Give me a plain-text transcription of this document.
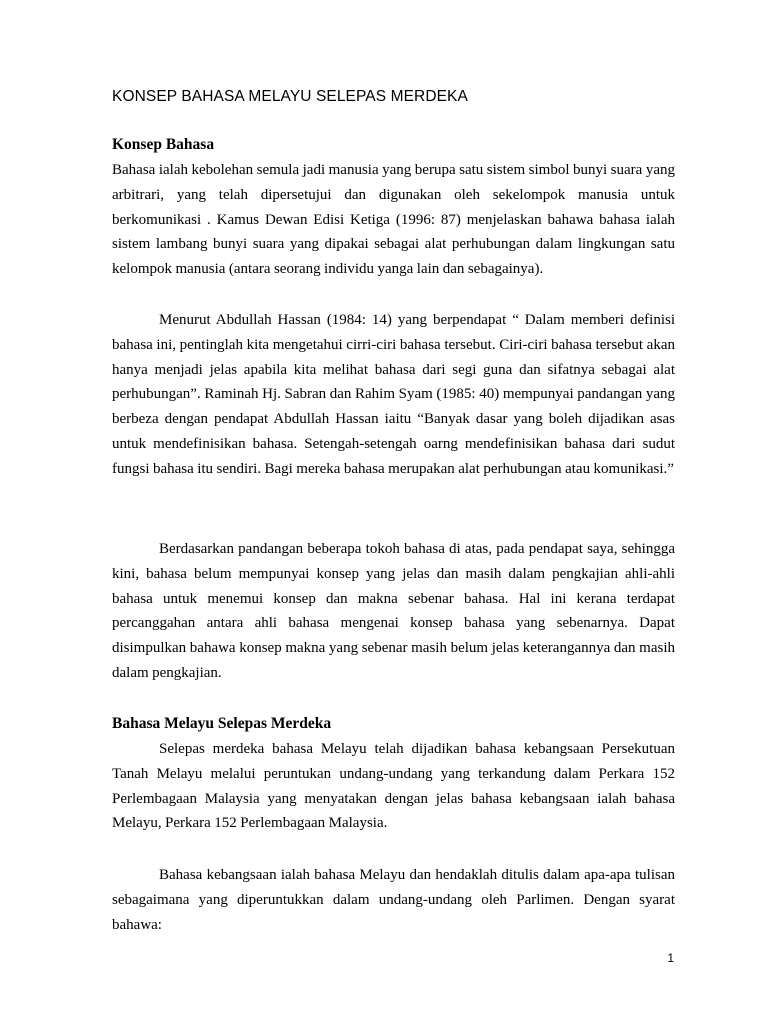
KONSEP BAHASA MELAYU SELEPAS MERDEKA
Konsep Bahasa

Bahasa ialah kebolehan semula jadi manusia yang berupa satu sistem simbol bunyi suara yang arbitrari, yang telah dipersetujui dan digunakan oleh sekelompok manusia untuk berkomunikasi . Kamus Dewan Edisi Ketiga (1996: 87) menjelaskan bahawa bahasa ialah sistem lambang bunyi suara yang dipakai sebagai alat perhubungan dalam lingkungan satu kelompok manusia (antara seorang individu yanga lain dan sebagainya).

Menurut Abdullah Hassan (1984: 14) yang berpendapat “ Dalam memberi definisi bahasa ini, pentinglah kita mengetahui cirri-ciri bahasa tersebut. Ciri-ciri bahasa tersebut akan hanya menjadi jelas apabila kita melihat bahasa dari segi guna dan sifatnya sebagai alat perhubungan”. Raminah Hj. Sabran dan Rahim Syam (1985: 40) mempunyai pandangan yang berbeza dengan pendapat Abdullah Hassan iaitu “Banyak dasar yang boleh dijadikan asas untuk mendefinisikan bahasa. Setengah-setengah oarng mendefinisikan bahasa dari sudut fungsi bahasa itu sendiri. Bagi mereka bahasa merupakan alat perhubungan atau komunikasi.”

Berdasarkan pandangan beberapa tokoh bahasa di atas, pada pendapat saya, sehingga kini, bahasa belum mempunyai konsep yang jelas dan masih dalam pengkajian ahli-ahli bahasa untuk menemui konsep dan makna sebenar bahasa. Hal ini kerana terdapat percanggahan antara ahli bahasa mengenai konsep bahasa yang sebenarnya. Dapat disimpulkan bahawa konsep makna yang sebenar masih belum jelas keterangannya dan masih dalam pengkajian.

Bahasa Melayu Selepas Merdeka

Selepas merdeka bahasa Melayu telah dijadikan bahasa kebangsaan Persekutuan Tanah Melayu melalui peruntukan undang-undang yang terkandung dalam Perkara 152 Perlembagaan Malaysia yang menyatakan dengan jelas bahasa kebangsaan ialah bahasa Melayu, Perkara 152 Perlembagaan Malaysia.

Bahasa kebangsaan ialah bahasa Melayu dan hendaklah ditulis dalam apa-apa tulisan sebagaimana yang diperuntukkan dalam undang-undang oleh Parlimen. Dengan syarat bahawa:

1
